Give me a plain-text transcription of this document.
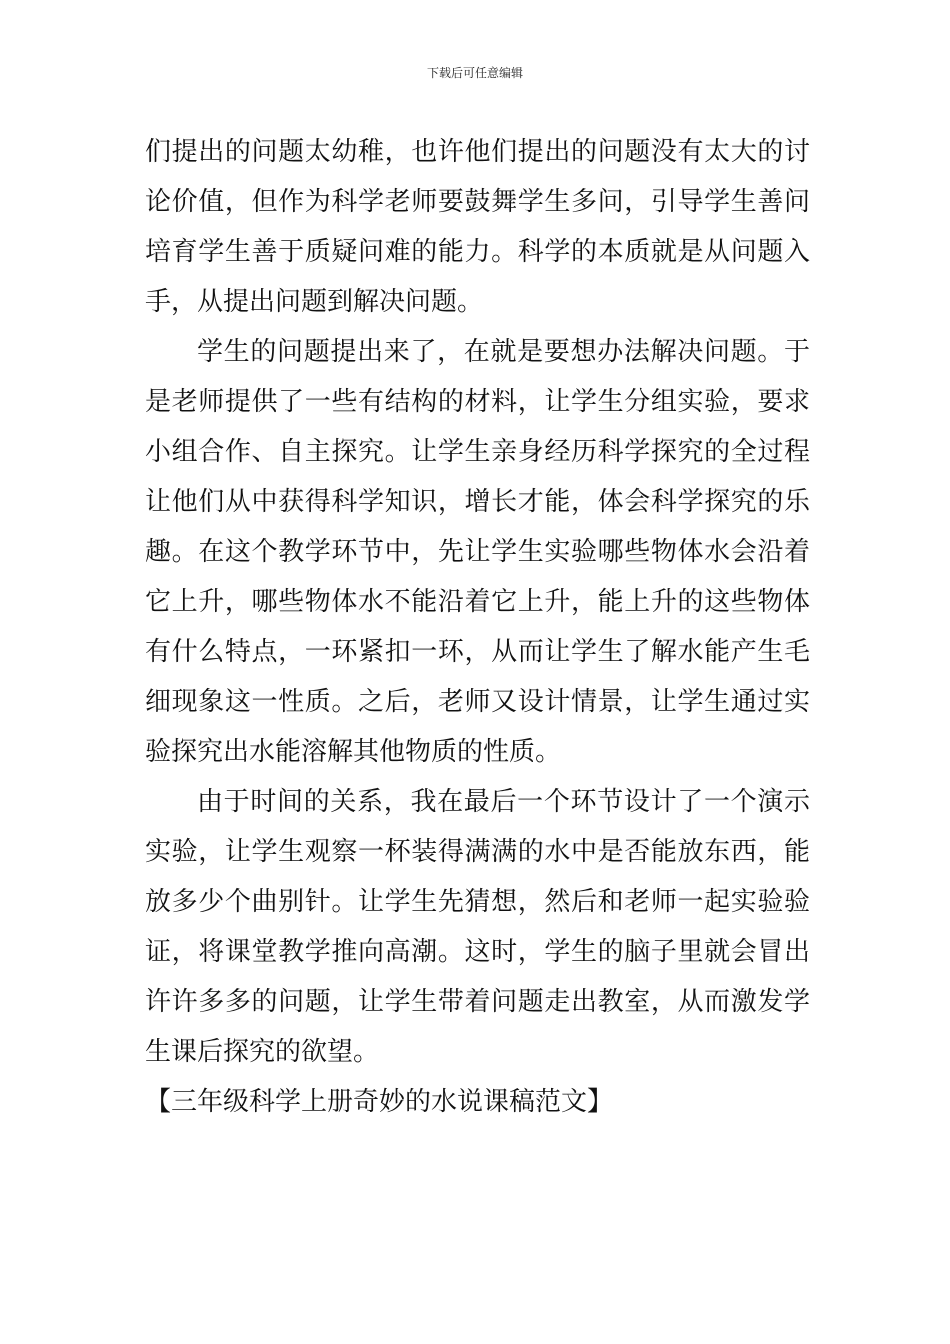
下载后可任意编辑
们提出的问题太幼稚，也许他们提出的问题没有太大的讨
论价值，但作为科学老师要鼓舞学生多问，引导学生善问
培育学生善于质疑问难的能力。科学的本质就是从问题入
手，从提出问题到解决问题。
学生的问题提出来了，在就是要想办法解决问题。于
是老师提供了一些有结构的材料，让学生分组实验，要求
小组合作、自主探究。让学生亲身经历科学探究的全过程
让他们从中获得科学知识，增长才能，体会科学探究的乐
趣。在这个教学环节中，先让学生实验哪些物体水会沿着
它上升，哪些物体水不能沿着它上升，能上升的这些物体
有什么特点，一环紧扣一环，从而让学生了解水能产生毛
细现象这一性质。之后，老师又设计情景，让学生通过实
验探究出水能溶解其他物质的性质。
由于时间的关系，我在最后一个环节设计了一个演示
实验，让学生观察一杯装得满满的水中是否能放东西，能
放多少个曲别针。让学生先猜想，然后和老师一起实验验
证，将课堂教学推向高潮。这时，学生的脑子里就会冒出
许许多多的问题，让学生带着问题走出教室，从而激发学
生课后探究的欲望。
【三年级科学上册奇妙的水说课稿范文】
